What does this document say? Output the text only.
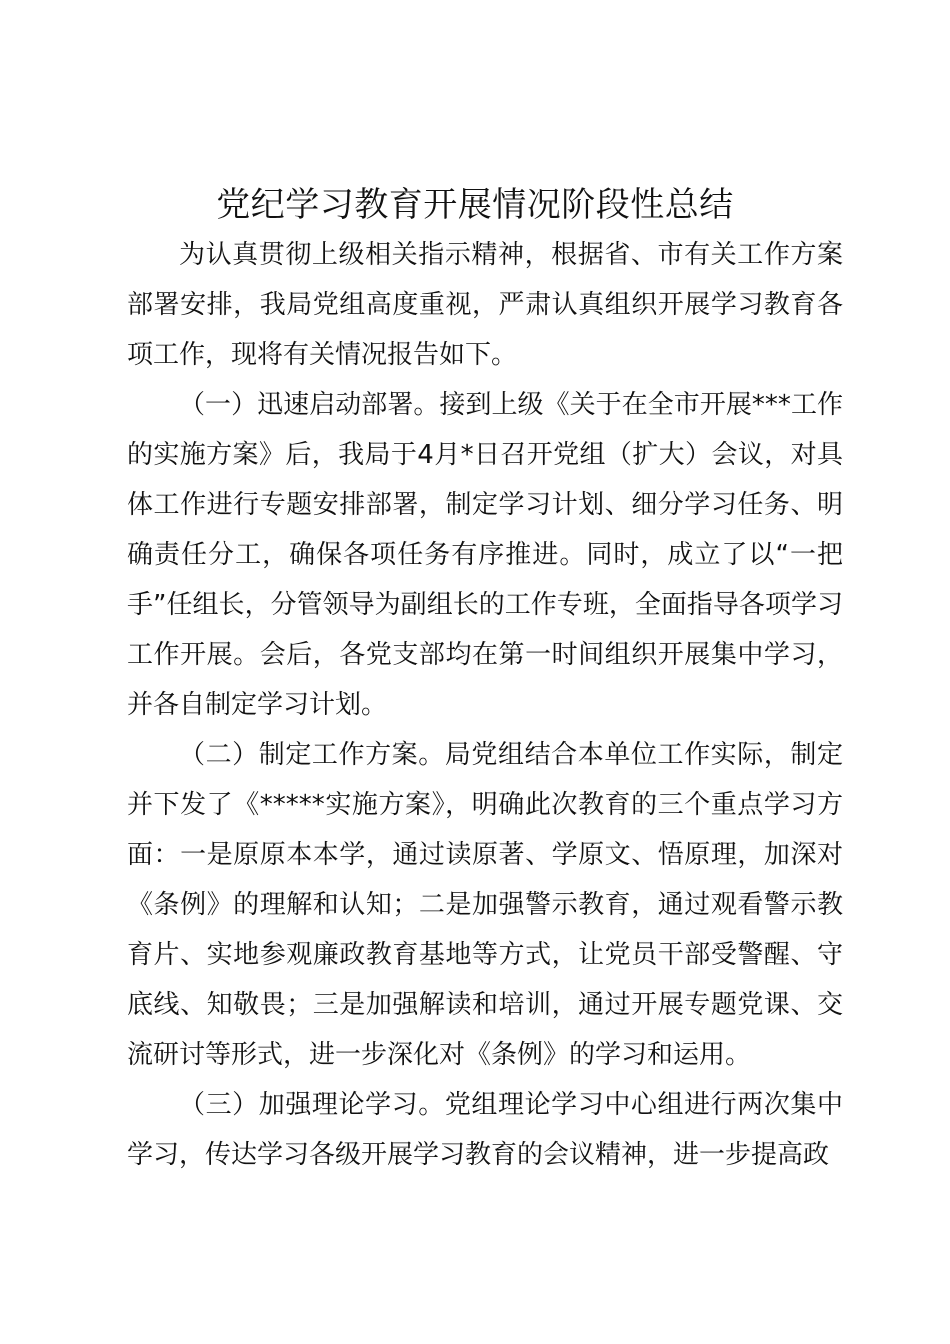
党纪学习教育开展情况阶段性总结

为认真贯彻上级相关指示精神，根据省、市有关工作方案部署安排，我局党组高度重视，严肃认真组织开展学习教育各项工作，现将有关情况报告如下。

（一）迅速启动部署。接到上级《关于在全市开展***工作的实施方案》后，我局于4月*日召开党组（扩大）会议，对具体工作进行专题安排部署，制定学习计划、细分学习任务、明确责任分工，确保各项任务有序推进。同时，成立了以“一把手”任组长，分管领导为副组长的工作专班，全面指导各项学习工作开展。会后，各党支部均在第一时间组织开展集中学习，并各自制定学习计划。

（二）制定工作方案。局党组结合本单位工作实际，制定并下发了《*****实施方案》，明确此次教育的三个重点学习方面：一是原原本本学，通过读原著、学原文、悟原理，加深对《条例》的理解和认知；二是加强警示教育，通过观看警示教育片、实地参观廉政教育基地等方式，让党员干部受警醒、守底线、知敬畏；三是加强解读和培训，通过开展专题党课、交流研讨等形式，进一步深化对《条例》的学习和运用。

（三）加强理论学习。党组理论学习中心组进行两次集中学习，传达学习各级开展学习教育的会议精神，进一步提高政
